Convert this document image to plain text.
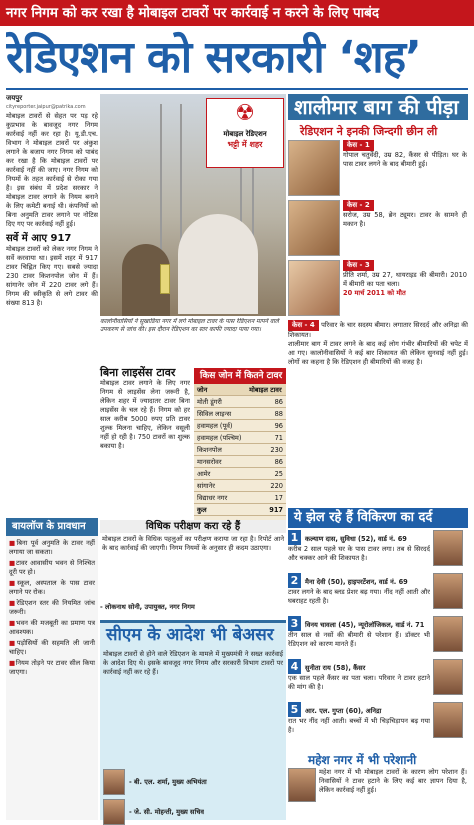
नगर निगम को कर रखा है मोबाइल टावरों पर कार्रवाई न करने के लिए पाबंद
रेडिएशन को सरकारी ‘शह’
जयपुर
cityreporter.jaipur@patrika.com
मोबाइल टावरों से सेहत पर पड़ रहे कुप्रभाव के बावजूद नगर निगम कार्रवाई नहीं कर रहा है। यू.डी.एच. विभाग ने मोबाइल टावरों पर अंकुश लगाने के बजाय नगर निगम को पाबंद कर रखा है कि मोबाइल टावरों पर कार्रवाई नहीं की जाए। नगर निगम को नियमों के तहत कार्रवाई से रोका गया है। इस संबंध में प्रदेश सरकार ने मोबाइल टावर लगाने के नियम बनाने के लिए कमेटी बनाई थी। कंपनियों को बिना अनुमति टावर लगाने पर नोटिस दिए गए पर कार्रवाई नहीं हुई।
सर्वे में आए 917
मोबाइल टावरों को लेकर नगर निगम ने सर्वे करवाया था। इसमें शहर में 917 टावर चिह्नित किए गए। सबसे ज्यादा 230 टावर किशनपोल जोन में हैं। सांगानेर जोन में 220 टावर लगे हैं। निगम की स्वीकृति से लगे टावर की संख्या 813 है।
☢
मोबाइल रेडिएशन
भट्टी में शहर
कालोनीवासियों ने सुखाडिया नगर में लगे मोबाइल टावर के पास रेडिएशन मापने वाले उपकरण से जांच की। इस दौरान रेडिएशन का स्तर काफी ज्यादा पाया गया।
बिना लाइसेंस टावर
मोबाइल टावर लगाने के लिए नगर निगम से लाइसेंस लेना जरूरी है, लेकिन शहर में ज्यादातर टावर बिना लाइसेंस के चल रहे हैं। निगम को हर साल करीब 5000 रुपए प्रति टावर शुल्क मिलना चाहिए, लेकिन वसूली नहीं हो रही है। 750 टावरों का शुल्क बकाया है।
किस जोन में कितने टावर
जोन	मोबाइल टावर
मोती डूंगरी	86
सिविल लाइन्स	88
हवामहल (पूर्व)	96
हवामहल (पश्चिम)	71
किशनपोल	230
मानसरोवर	86
आमेर	25
सांगानेर	220
विद्याधर नगर	17
कुल	917
बायलॉज के प्रावधान
■ बिना पूर्व अनुमति के टावर नहीं लगाया जा सकता।
■ टावर आवासीय भवन से निश्चित दूरी पर हो।
■ स्कूल, अस्पताल के पास टावर लगाने पर रोक।
■ रेडिएशन स्तर की नियमित जांच जरूरी।
■ भवन की मजबूती का प्रमाण पत्र आवश्यक।
■ पड़ोसियों की सहमति ली जानी चाहिए।
■ नियम तोड़ने पर टावर सील किया जाएगा।
विधिक परीक्षण करा रहे हैं
मोबाइल टावरों के विधिक पहलुओं का परीक्षण कराया जा रहा है। रिपोर्ट आने के बाद कार्रवाई की जाएगी। निगम नियमों के अनुसार ही कदम उठाएगा।
- लोकनाथ सोनी, उपायुक्त, नगर निगम
सीएम के आदेश भी बेअसर
मोबाइल टावरों से होने वाले रेडिएशन के मामले में मुख्यमंत्री ने सख्त कार्रवाई के आदेश दिए थे। इसके बावजूद नगर निगम और सरकारी विभाग टावरों पर कार्रवाई नहीं कर रहे हैं।
- बी. एल. शर्मा, मुख्य अभियंता
- जे. सी. मोहन्ती, मुख्य सचिव
शालीमार बाग की पीड़ा
रेडिएशन ने इनकी जिन्दगी छीन ली
केस - 1
गोपाल चतुर्वेदी, उम्र 82, कैंसर से पीड़ित। घर के पास टावर लगने के बाद बीमारी हुई।
केस - 2
सरोज, उम्र 58, ब्रेन ट्यूमर। टावर के सामने ही मकान है।
केस - 3
प्रीति शर्मा, उम्र 27, थायराइड की बीमारी। 2010 में बीमारी का पता चला।
20 मार्च 2011 को मौत
केस - 4 परिवार के चार सदस्य बीमार। लगातार सिरदर्द और अनिद्रा की शिकायत।
शालीमार बाग में टावर लगने के बाद कई लोग गंभीर बीमारियों की चपेट में आ गए। कालोनीवासियों ने कई बार शिकायत की लेकिन सुनवाई नहीं हुई। लोगों का कहना है कि रेडिएशन ही बीमारियों की वजह है।
ये झेल रहे हैं विकिरण का दर्द
1 कल्याण दास, सुविधा (52), वार्ड नं. 69
करीब 2 साल पहले घर के पास टावर लगा। तब से सिरदर्द और चक्कर आने की शिकायत है।
2 मैना देवी (50), हाइपरटेंशन, वार्ड नं. 69
टावर लगने के बाद ब्लड प्रेशर बढ़ गया। नींद नहीं आती और घबराहट रहती है।
3 विनय चावला (45), न्यूरोलॉजिकल, वार्ड नं. 71
तीन साल से नसों की बीमारी से परेशान हैं। डॉक्टर भी रेडिएशन को कारण मानते हैं।
4 सुनीता राय (58), कैंसर
एक साल पहले कैंसर का पता चला। परिवार ने टावर हटाने की मांग की है।
5 आर. एल. गुप्ता (60), अनिद्रा
रात भर नींद नहीं आती। बच्चों में भी चिड़चिड़ापन बढ़ गया है।
महेश नगर में भी परेशानी
महेश नगर में भी मोबाइल टावरों के कारण लोग परेशान हैं। निवासियों ने टावर हटाने के लिए कई बार ज्ञापन दिया है, लेकिन कार्रवाई नहीं हुई।
